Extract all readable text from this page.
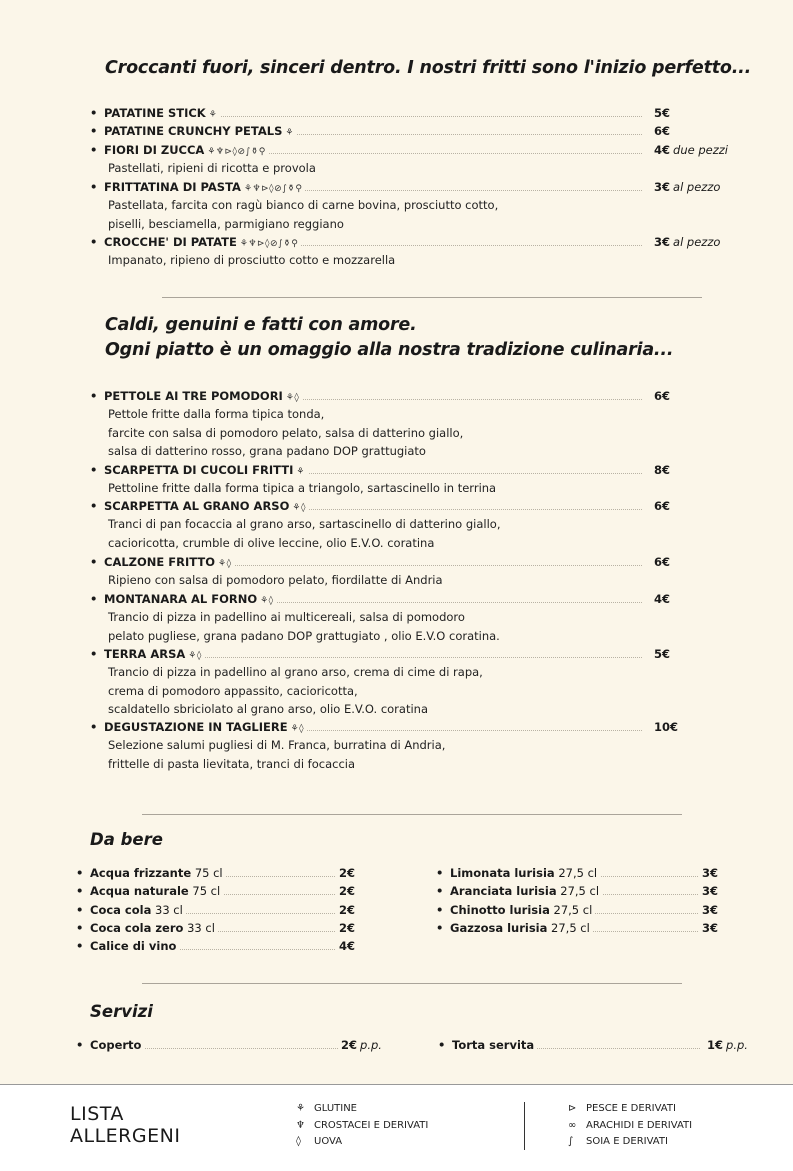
Croccanti fuori, sinceri dentro. I nostri fritti sono l'inizio perfetto...
• PATATINE STICK ⚘	5€
• PATATINE CRUNCHY PETALS ⚘	6€
• FIORI DI ZUCCA ⚘♆⊳◊⊘∫⚱⚲	4€ due pezzi

Pastellati, ripieni di ricotta e provola

• FRITTATINA DI PASTA ⚘♆⊳◊⊘∫⚱⚲	3€ al pezzo

Pastellata, farcita con ragù bianco di carne bovina, prosciutto cotto,
piselli, besciamella, parmigiano reggiano

• CROCCHE' DI PATATE ⚘♆⊳◊⊘∫⚱⚲	3€ al pezzo

Impanato, ripieno di prosciutto cotto e mozzarella

Caldi, genuini e fatti con amore.
Ogni piatto è un omaggio alla nostra tradizione culinaria...
• PETTOLE AI TRE POMODORI ⚘◊	6€

Pettole fritte dalla forma tipica tonda,
farcite con salsa di pomodoro pelato, salsa di datterino giallo,
salsa di datterino rosso, grana padano DOP grattugiato

• SCARPETTA DI CUCOLI FRITTI ⚘	8€

Pettoline fritte dalla forma tipica a triangolo, sartascinello in terrina

• SCARPETTA AL GRANO ARSO ⚘◊	6€

Tranci di pan focaccia al grano arso, sartascinello di datterino giallo,
cacioricotta, crumble di olive leccine, olio E.V.O. coratina

• CALZONE FRITTO ⚘◊	6€

Ripieno con salsa di pomodoro pelato, fiordilatte di Andria

• MONTANARA AL FORNO ⚘◊	4€

Trancio di pizza in padellino ai multicereali, salsa di pomodoro
pelato pugliese, grana padano DOP grattugiato , olio E.V.O coratina.

• TERRA ARSA ⚘◊	5€

Trancio di pizza in padellino al grano arso, crema di cime di rapa,
crema di pomodoro appassito, cacioricotta,
scaldatello sbriciolato al grano arso, olio E.V.O. coratina

• DEGUSTAZIONE IN TAGLIERE ⚘◊	10€

Selezione salumi pugliesi di M. Franca, burratina di Andria,
frittelle di pasta lievitata, tranci di focaccia

Da bere
• Acqua frizzante 75 cl	2€
• Acqua naturale 75 cl	2€
• Coca cola 33 cl	2€
• Coca cola zero 33 cl	2€
• Calice di vino	4€
• Limonata lurisia 27,5 cl	3€
• Aranciata lurisia 27,5 cl	3€
• Chinotto lurisia 27,5 cl	3€
• Gazzosa lurisia 27,5 cl	3€
Servizi
• Coperto	2€ p.p.	• Torta servita	1€ p.p.
LISTA
ALLERGENI
⚘ GLUTINE
♆ CROSTACEI E DERIVATI
◊ UOVA
⊳ PESCE E DERIVATI
∞ ARACHIDI E DERIVATI
∫ SOIA E DERIVATI
